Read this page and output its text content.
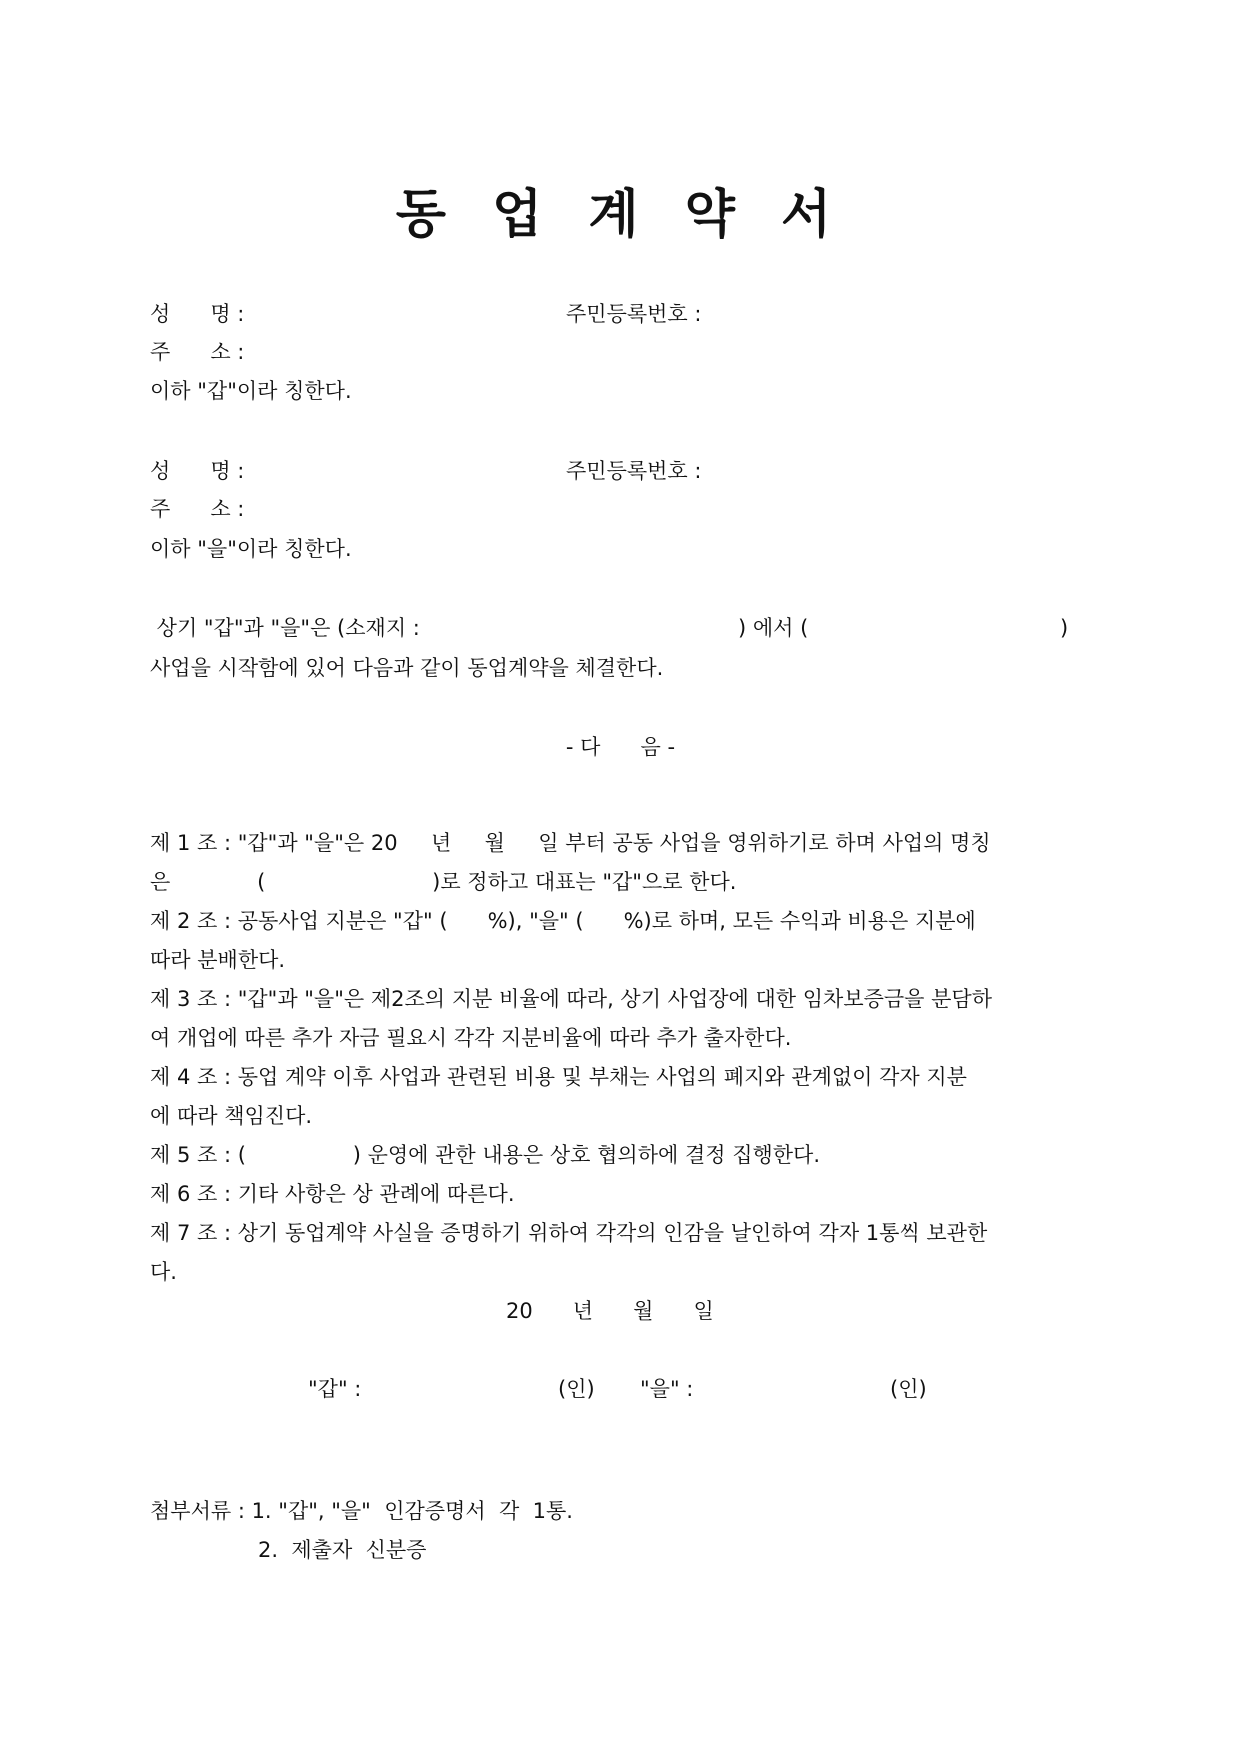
동 업 계 약 서
성      명 :	주민등록번호 :
주      소 :
이하 "갑"이라 칭한다.
성      명 :	주민등록번호 :
주      소 :
이하 "을"이라 칭한다.
상기 "갑"과 "을"은 (소재지 :	) 에서 (	)
사업을 시작함에 있어 다음과 같이 동업계약을 체결한다.
- 다      음 -
제 1 조 : "갑"과 "을"은 20     년     월     일 부터 공동 사업을 영위하기로 하며 사업의 명칭
은             (                         )로 정하고 대표는 "갑"으로 한다.
제 2 조 : 공동사업 지분은 "갑" (      %), "을" (      %)로 하며, 모든 수익과 비용은 지분에
따라 분배한다.
제 3 조 : "갑"과 "을"은 제2조의 지분 비율에 따라, 상기 사업장에 대한 임차보증금을 분담하
여 개업에 따른 추가 자금 필요시 각각 지분비율에 따라 추가 출자한다.
제 4 조 : 동업 계약 이후 사업과 관련된 비용 및 부채는 사업의 폐지와 관계없이 각자 지분
에 따라 책임진다.
제 5 조 : (                ) 운영에 관한 내용은 상호 협의하에 결정 집행한다.
제 6 조 : 기타 사항은 상 관례에 따른다.
제 7 조 : 상기 동업계약 사실을 증명하기 위하여 각각의 인감을 날인하여 각자 1통씩 보관한
다.
20      년      월      일
"갑" :	(인) "을" :	(인)
첨부서류 : 1. "갑", "을"  인감증명서  각  1통.
2.  제출자  신분증
